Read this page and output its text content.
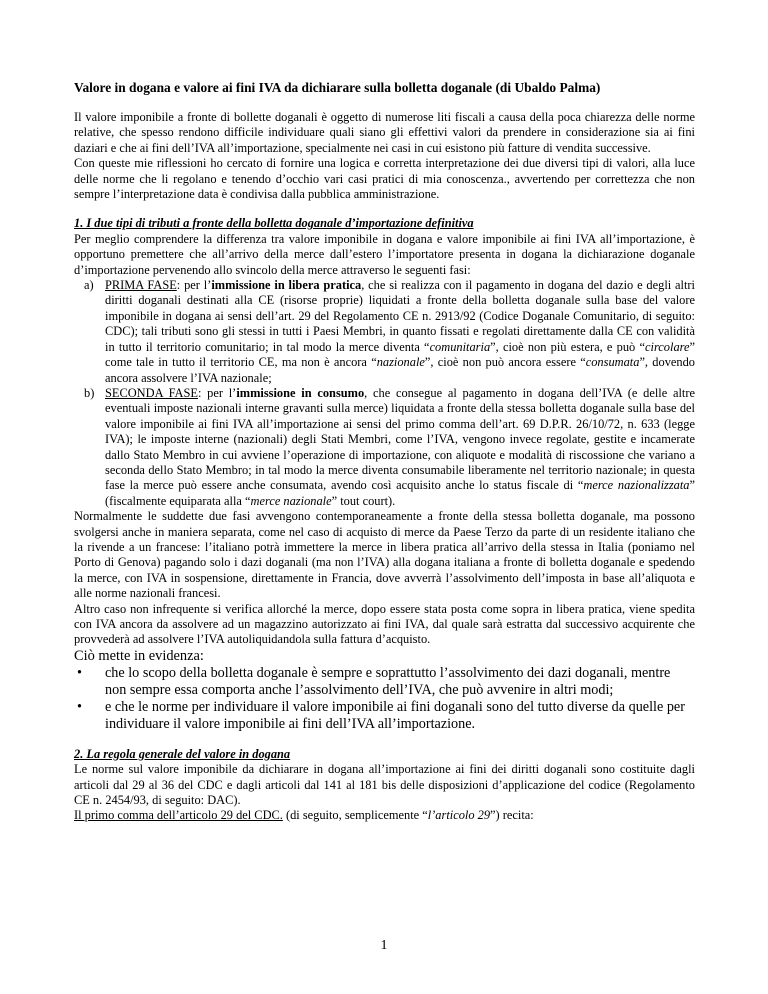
Valore in dogana e valore ai fini IVA da dichiarare sulla bolletta doganale (di Ubaldo Palma)

Il valore imponibile a fronte di bollette doganali è oggetto di numerose liti fiscali a causa della poca chiarezza delle norme relative, che spesso rendono difficile individuare quali siano gli effettivi valori da prendere in considerazione sia ai fini daziari e che ai fini dell’IVA all’importazione, specialmente nei casi in cui esistono più fatture di vendita successive.

Con queste mie riflessioni ho cercato di fornire una logica e corretta interpretazione dei due diversi tipi di valori, alla luce delle norme che li regolano e tenendo d’occhio vari casi pratici di mia conoscenza., avvertendo per correttezza che non sempre l’interpretazione data è condivisa dalla pubblica amministrazione.

1. I due tipi di tributi a fronte della bolletta doganale d’importazione definitiva

Per meglio comprendere la differenza tra valore imponibile in dogana e valore imponibile ai fini IVA all’importazione, è opportuno premettere che all’arrivo della merce dall’estero l’importatore presenta in dogana la dichiarazione doganale d’importazione pervenendo allo svincolo della merce attraverso le seguenti fasi:

a) PRIMA FASE: per l’immissione in libera pratica, che si realizza con il pagamento in dogana del dazio e degli altri diritti doganali destinati alla CE (risorse proprie) liquidati a fronte della bolletta doganale sulla base del valore imponibile in dogana ai sensi dell’art. 29 del Regolamento CE n. 2913/92 (Codice Doganale Comunitario, di seguito: CDC); tali tributi sono gli stessi in tutti i Paesi Membri, in quanto fissati e regolati direttamente dalla CE con validità in tutto il territorio comunitario; in tal modo la merce diventa “comunitaria”, cioè non più estera, e può “circolare” come tale in tutto il territorio CE, ma non è ancora “nazionale”, cioè non può ancora essere “consumata”, dovendo ancora assolvere l’IVA nazionale;
b) SECONDA FASE: per l’immissione in consumo, che consegue al pagamento in dogana dell’IVA (e delle altre eventuali imposte nazionali interne gravanti sulla merce) liquidata a fronte della stessa bolletta doganale sulla base del valore imponibile ai fini IVA all’importazione ai sensi del primo comma dell’art. 69 D.P.R. 26/10/72, n. 633 (legge IVA); le imposte interne (nazionali) degli Stati Membri, come l’IVA, vengono invece regolate, gestite e incamerate dallo Stato Membro in cui avviene l’operazione di importazione, con aliquote e modalità di riscossione che variano a seconda dello Stato Membro; in tal modo la merce diventa consumabile liberamente nel territorio nazionale; in questa fase la merce può essere anche consumata, avendo così acquisito anche lo status fiscale di “merce nazionalizzata” (fiscalmente equiparata alla “merce nazionale” tout court).

Normalmente le suddette due fasi avvengono contemporaneamente a fronte della stessa bolletta doganale, ma possono svolgersi anche in maniera separata, come nel caso di acquisto di merce da Paese Terzo da parte di un residente italiano che la rivende a un francese: l’italiano potrà immettere la merce in libera pratica all’arrivo della stessa in Italia (poniamo nel Porto di Genova) pagando solo i dazi doganali (ma non l’IVA) alla dogana italiana a fronte di bolletta doganale e spedendo la merce, con IVA in sospensione, direttamente in Francia, dove avverrà l’assolvimento dell’imposta in base all’aliquota e alle norme nazionali francesi.

Altro caso non infrequente si verifica allorché la merce, dopo essere stata posta come sopra in libera pratica, viene spedita con IVA ancora da assolvere ad un magazzino autorizzato ai fini IVA, dal quale sarà estratta dal successivo acquirente che provvederà ad assolvere l’IVA autoliquidandola sulla fattura d’acquisto.

Ciò mette in evidenza:

• che lo scopo della bolletta doganale è sempre e soprattutto l’assolvimento dei dazi doganali, mentre non sempre essa comporta anche l’assolvimento dell’IVA, che può avvenire in altri modi;
• e che le norme per individuare il valore imponibile ai fini doganali sono del tutto diverse da quelle per individuare il valore imponibile ai fini dell’IVA all’importazione.

2. La regola generale del valore in dogana

Le norme sul valore imponibile da dichiarare in dogana all’importazione ai fini dei diritti doganali sono costituite dagli articoli dal 29 al 36 del CDC e dagli articoli dal 141 al 181 bis delle disposizioni d’applicazione del codice (Regolamento CE n. 2454/93, di seguito: DAC).

Il primo comma dell’articolo 29 del CDC. (di seguito, semplicemente “l’articolo 29”) recita:

1
